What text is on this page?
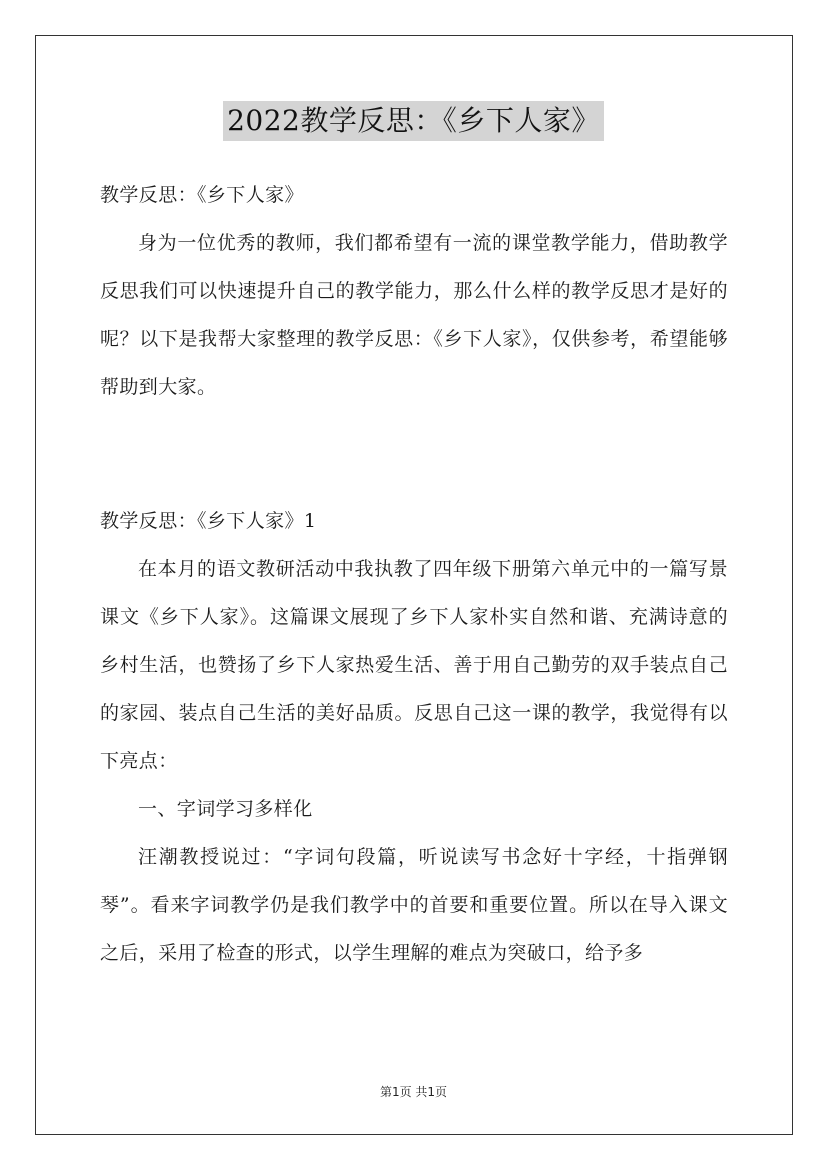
2022教学反思：《乡下人家》

教学反思：《乡下人家》

身为一位优秀的教师，我们都希望有一流的课堂教学能力，借助教学反思我们可以快速提升自己的教学能力，那么什么样的教学反思才是好的呢？以下是我帮大家整理的教学反思：《乡下人家》，仅供参考，希望能够帮助到大家。

教学反思：《乡下人家》1

在本月的语文教研活动中我执教了四年级下册第六单元中的一篇写景课文《乡下人家》。这篇课文展现了乡下人家朴实自然和谐、充满诗意的乡村生活，也赞扬了乡下人家热爱生活、善于用自己勤劳的双手装点自己的家园、装点自己生活的美好品质。反思自己这一课的教学，我觉得有以下亮点：

一、字词学习多样化

汪潮教授说过：“字词句段篇，听说读写书念好十字经，十指弹钢琴”。看来字词教学仍是我们教学中的首要和重要位置。所以在导入课文之后，采用了检查的形式，以学生理解的难点为突破口，给予多

第1页 共1页
